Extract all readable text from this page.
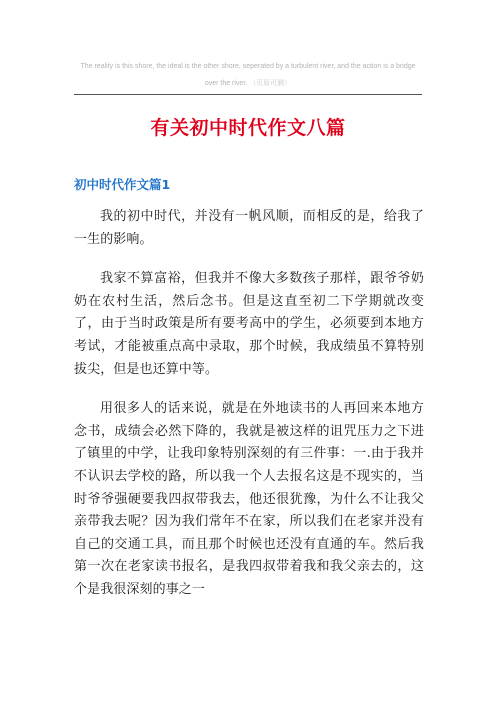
The reality is this shore, the ideal is the other shore, seperated by a turbulent river, and the action is a bridge over the river. （页眉可删）
有关初中时代作文八篇
初中时代作文篇1

我的初中时代，并没有一帆风顺，而相反的是，给我了一生的影响。

我家不算富裕，但我并不像大多数孩子那样，跟爷爷奶奶在农村生活，然后念书。但是这直至初二下学期就改变了，由于当时政策是所有要考高中的学生，必须要到本地方考试，才能被重点高中录取，那个时候，我成绩虽不算特别拔尖，但是也还算中等。

用很多人的话来说，就是在外地读书的人再回来本地方念书，成绩会必然下降的，我就是被这样的诅咒压力之下进了镇里的中学，让我印象特别深刻的有三件事：一.由于我并不认识去学校的路，所以我一个人去报名这是不现实的，当时爷爷强硬要我四叔带我去，他还很犹豫，为什么不让我父亲带我去呢？因为我们常年不在家，所以我们在老家并没有自己的交通工具，而且那个时候也还没有直通的车。然后我第一次在老家读书报名，是我四叔带着我和我父亲去的，这个是我很深刻的事之一
